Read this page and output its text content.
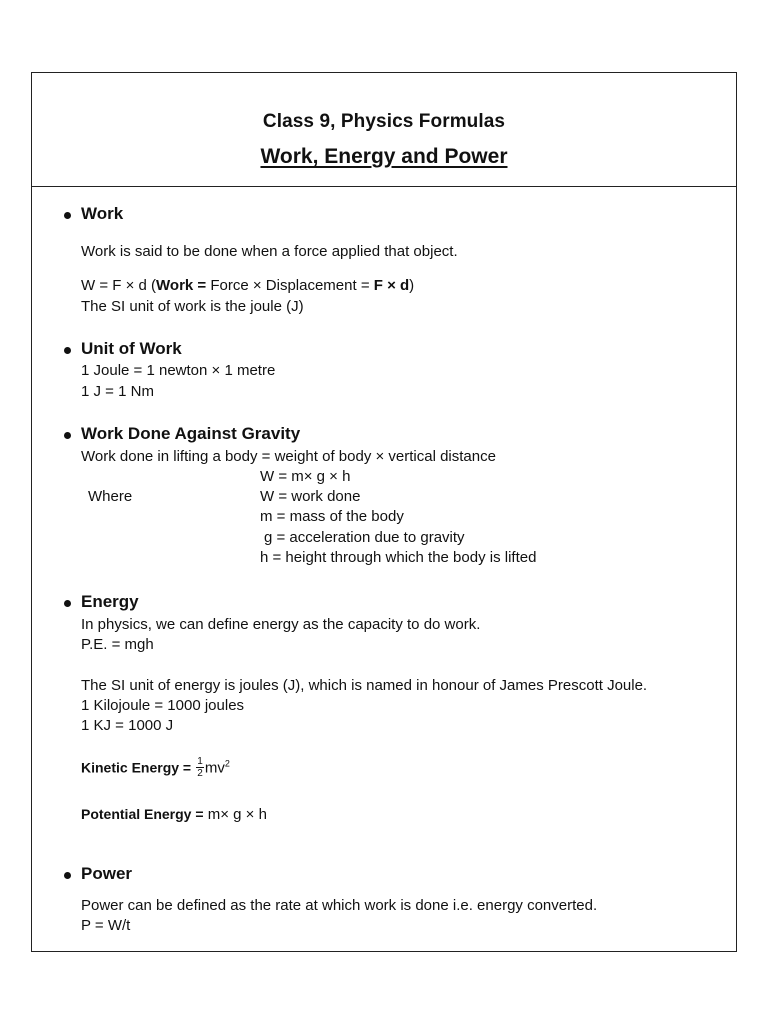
Class 9, Physics Formulas
Work, Energy and Power
Work
Work is said to be done when a force applied that object.
W = F × d (Work = Force × Displacement = F × d)
The SI unit of work is the joule (J)
Unit of Work
1 Joule = 1 newton × 1 metre
1 J = 1 Nm
Work Done Against Gravity
Work done in lifting a body = weight of body × vertical distance
W = m× g × h
Where	W = work done
m = mass of the body
g = acceleration due to gravity
h = height through which the body is lifted
Energy
In physics, we can define energy as the capacity to do work.
P.E. = mgh
The SI unit of energy is joules (J), which is named in honour of James Prescott Joule.
1 Kilojoule = 1000 joules
1 KJ = 1000 J
Kinetic Energy = $\frac{1}{2} mv^2$
Potential Energy = m× g × h
Power
Power can be defined as the rate at which work is done i.e. energy converted.
P = W/t
